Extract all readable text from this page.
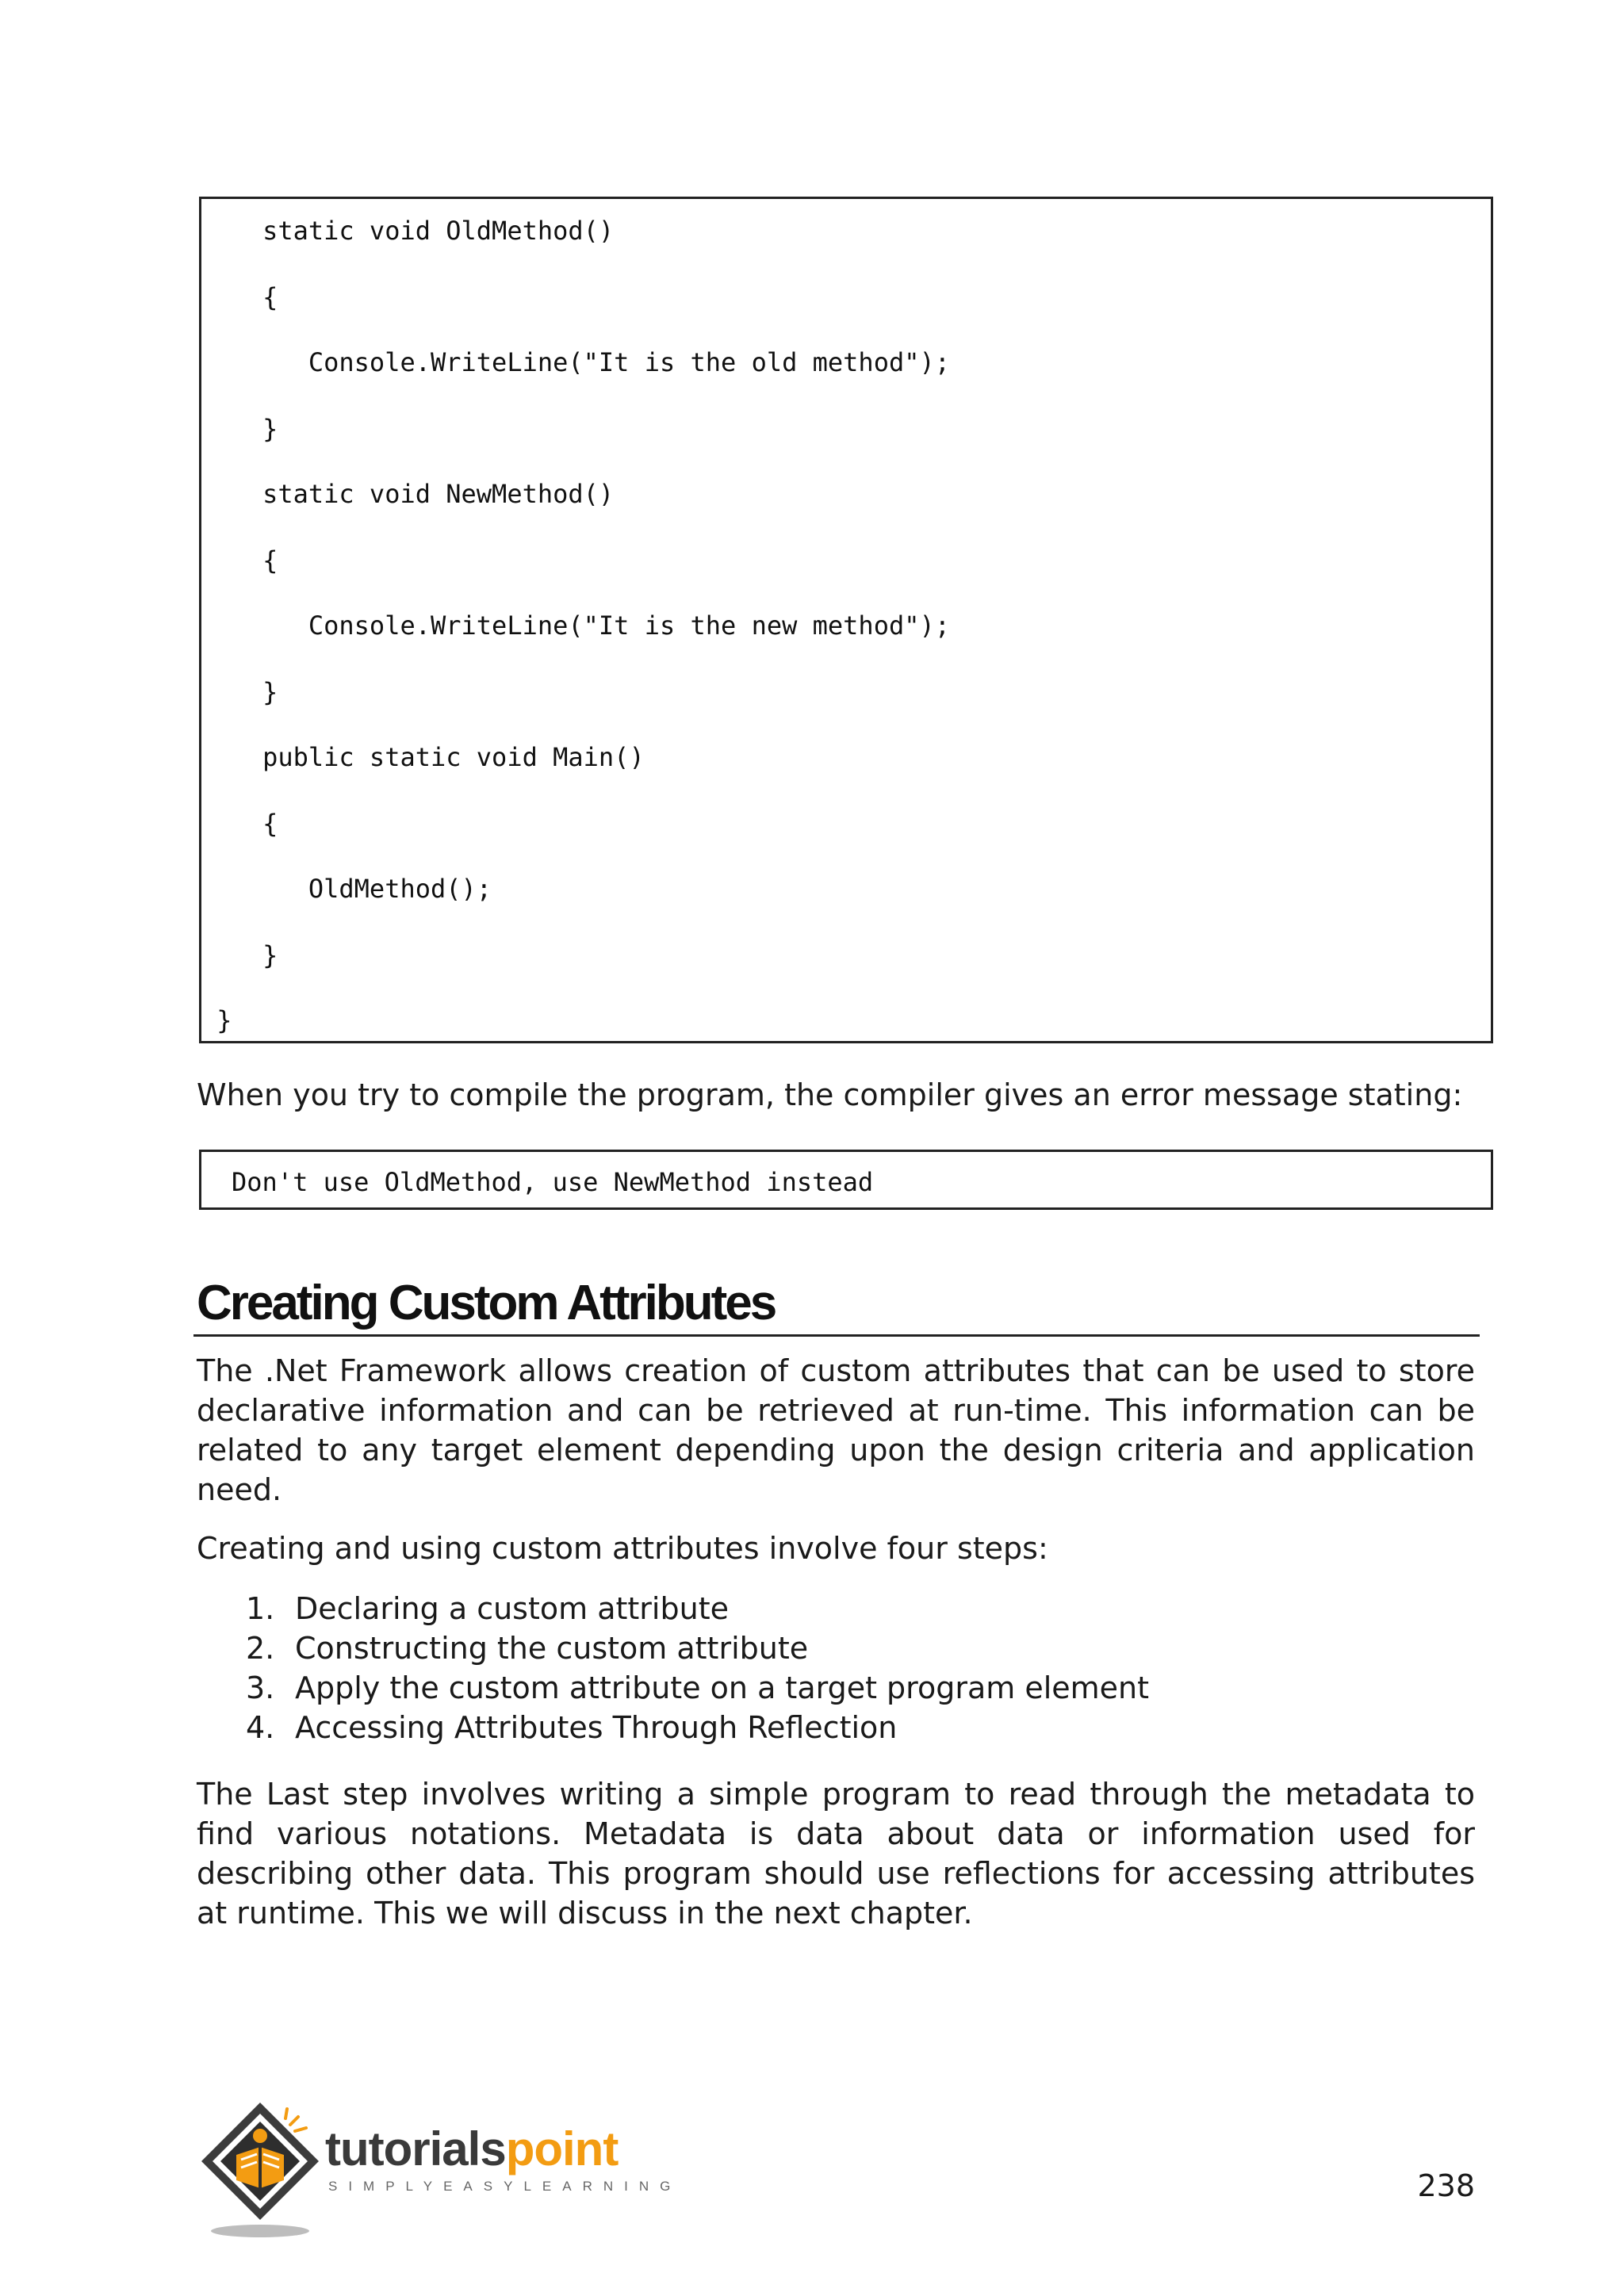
static void OldMethod()
{
Console.WriteLine("It is the old method");
}
static void NewMethod()
{
Console.WriteLine("It is the new method");
}
public static void Main()
{
OldMethod();
}
}
When you try to compile the program, the compiler gives an error message stating:
Don't use OldMethod, use NewMethod instead
Creating Custom Attributes
The .Net Framework allows creation of custom attributes that can be used to store declarative information and can be retrieved at run-time. This information can be related to any target element depending upon the design criteria and application need.
Creating and using custom attributes involve four steps:
1. Declaring a custom attribute
2. Constructing the custom attribute
3. Apply the custom attribute on a target program element
4. Accessing Attributes Through Reflection
The Last step involves writing a simple program to read through the metadata to find various notations. Metadata is data about data or information used for describing other data. This program should use reflections for accessing attributes at runtime. This we will discuss in the next chapter.
tutorialspoint
SIMPLYEASYLEARNING	238
